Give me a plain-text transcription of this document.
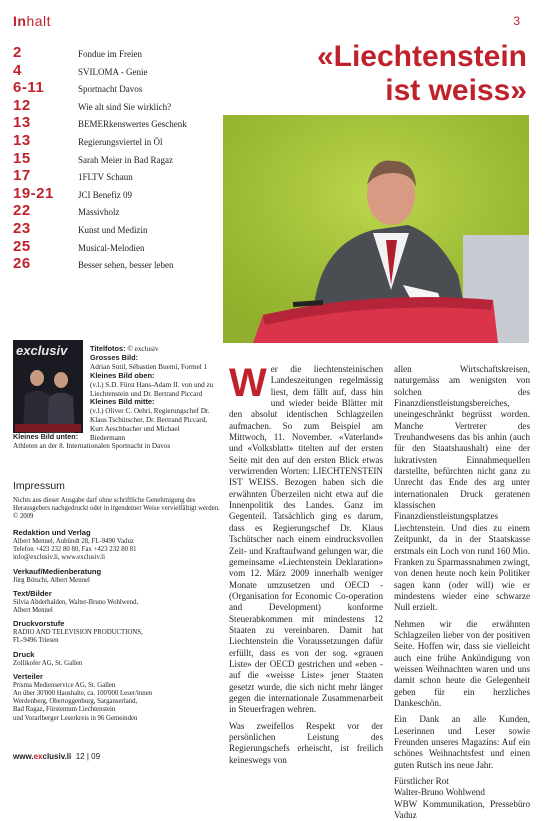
Inhalt	3
2	Fondue im Freien
4	SVILOMA - Genie
6-11	Sportnacht Davos
12	Wie alt sind Sie wirklich?
13	BEMERkenswertes Geschenk
13	Regierungsviertel in Öl
15	Sarah Meier in Bad Ragaz
17	1FLTV Schaun
19-21	JCI Benefiz 09
22	Massivholz
23	Kunst und Medizin
25	Musical-Melodien
26	Besser sehen, besser leben
«Liechtenstein
ist weiss»
exclusiv	Titelfotos: © exclusiv
Grosses Bild:
Adrian Sutil, Sébastien Buemi, Formel 1
Kleines Bild oben:
(v.l.) S.D. Fürst Hans-Adam II. von und zu Liechtenstein und Dr. Bertrand Piccard
Kleines Bild mitte:
(v.l.) Oliver C. Oehri, Regierungschef Dr. Klaus Tschütscher, Dr. Bertrand Piccard, Kurt Aeschbacher und Michael Biedermann
Kleines Bild unten:
Athleten an der 8. Internationalen Sportnacht in Davos
Impressum
Nichts aus dieser Ausgabe darf ohne schriftliche Genehmigung des Herausgebers nachgedruckt oder in irgendeiner Weise vervielfältigt werden. © 2009
Redaktion und Verlag
Albert Mennel, Aubündt 28, FL-9490 Vaduz
Telefon +423 232 80 80, Fax +423 232 80 81
info@exclusiv.li, www.exclusiv.li
Verkauf/Medienberatung
Jürg Bötschi, Albert Mennel
Text/Bilder
Silvia Abderhalden, Walter-Bruno Wohlwend,
Albert Mennel
Druckvorstufe
RADIO AND TELEVISION PRODUCTIONS,
FL-9496 Triesen
Druck
Zollikofer AG, St. Gallen
Verteiler
Prisma Medienservice AG, St. Gallen
An über 30'000 Haushalte, ca. 100'000 Leser/innen
Werdenberg, Obertoggenburg, Sarganserland,
Bad Ragaz, Fürstentum Liechtenstein
und Vorarlberger Leserkreis in 96 Gemeinden

Wer die liechtensteinischen Landeszeitungen regelmässig liest, dem fällt auf, dass hin und wieder beide Blätter mit den absolut identischen Schlagzeilen aufmachen. So zum Beispiel am Mittwoch, 11. November. «Vaterland» und «Volksblatt» titelten auf der ersten Seite mit den auf den ersten Blick etwas verwirrenden Worten: LIECHTENSTEIN IST WEISS. Bezogen haben sich die erwähnten Überzeilen nicht etwa auf die Innenpolitik des Landes. Ganz im Gegenteil. Tatsächlich ging es darum, dass es Regierungschef Dr. Klaus Tschütscher nach einem eindrucksvollen Zeit- und Kraftaufwand gelungen war, die gemeinsame «Liechtenstein Deklaration» vom 12. März 2009 innerhalb weniger Monate umzusetzen und OECD - (Organisation for Economic Co-operation and Development) konforme Steuerabkommen mit mindestens 12 Staaten zu vereinbaren. Damit hat Liechtenstein die Voraussetzungen dafür erfüllt, dass es von der sog. «grauen Liste» der OECD gestrichen und «eben -auf die «weisse Liste» jener Staaten gesetzt wurde, die sich nicht mehr länger gegen die internationale Zusammenarbeit in Steuerfragen wehren.

Was zweifellos Respekt vor der persönlichen Leistung des Regierungschefs erheischt, ist freilich keineswegs von

allen Wirtschaftskreisen, naturgemäss am wenigsten von solchen des Finanzdienstleistungsbereiches, uneingeschränkt begrüsst worden. Manche Vertreter des Treuhandwesens das bis anhin (auch für den Staatshaushalt) eine der lukrativsten Einnahmequellen darstellte, befürchten nicht ganz zu Unrecht das Ende des arg unter internationalen Druck geratenen klassischen Finanzdienstleistungsplatzes Liechtenstein. Und dies zu einem Zeitpunkt, da in der Staatskasse erstmals ein Loch von rund 160 Mio. Franken zu Sparmassnahmen zwingt, von denen heute noch kein Politiker sagen kann (oder will) wie er mindestens wieder eine schwarze Null erzielt.

Nehmen wir die erwähnten Schlagzeilen lieber von der positiven Seite. Hoffen wir, dass sie vielleicht auch eine frühe Ankündigung von weissen Weihnachten waren und uns damit schon heute die Gelegenheit geben für ein herzliches Dankeschön.

Ein Dank an alle Kunden, Leserinnen und Leser sowie Freunden unseres Magazins: Auf ein schönes Weihnachtsfest und einen guten Rutsch ins neue Jahr.

Fürstlicher Rot
Walter-Bruno Wohlwend
WBW Kommunikation, Pressebüro Vaduz
www.exclusiv.li 12 | 09
